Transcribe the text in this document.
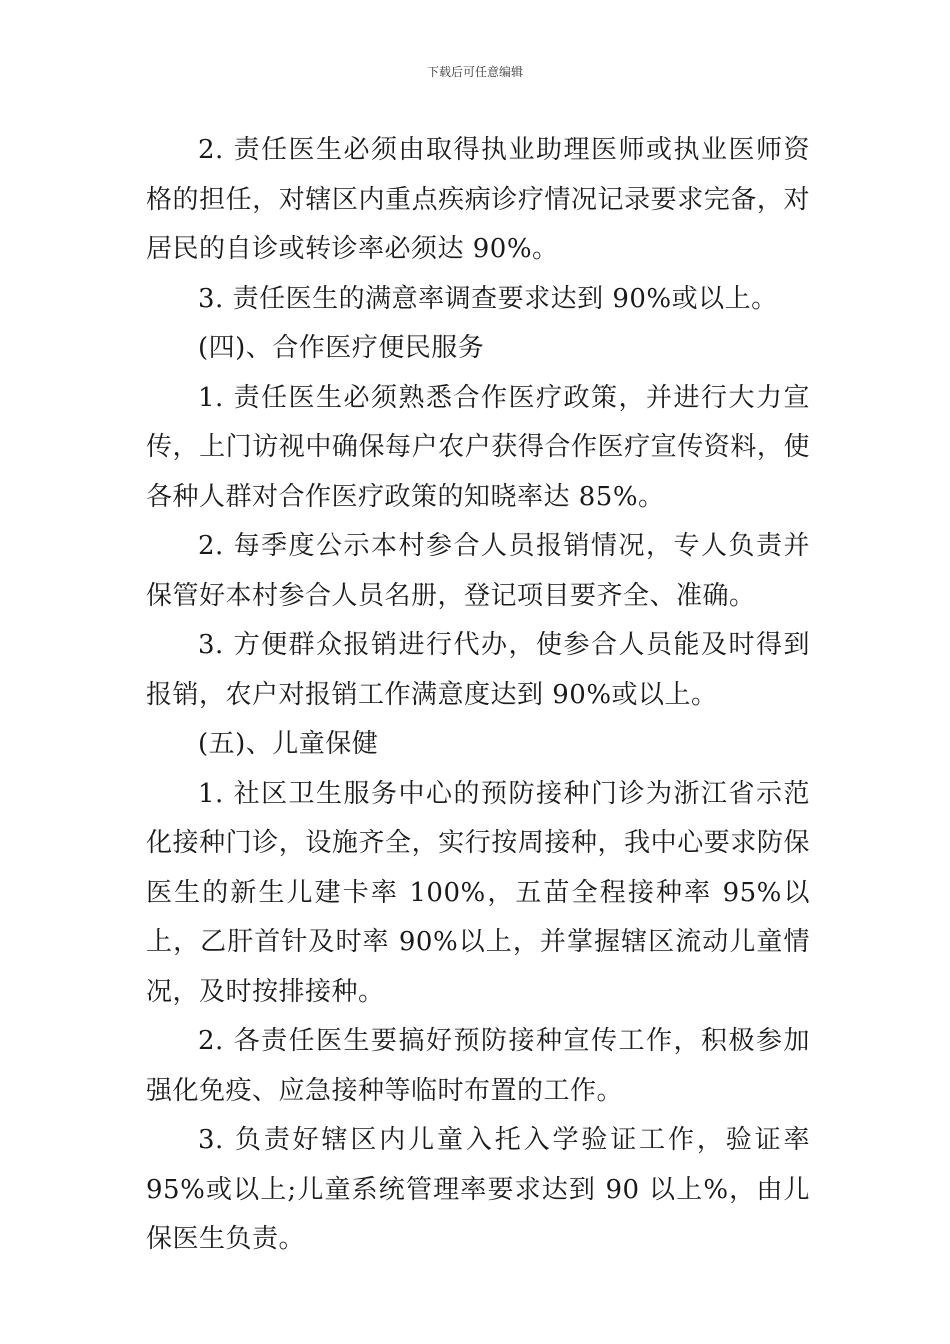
下载后可任意编辑

2. 责任医生必须由取得执业助理医师或执业医师资格的担任，对辖区内重点疾病诊疗情况记录要求完备，对居民的自诊或转诊率必须达 90%。

3. 责任医生的满意率调查要求达到 90%或以上。

(四)、合作医疗便民服务

1. 责任医生必须熟悉合作医疗政策，并进行大力宣传，上门访视中确保每户农户获得合作医疗宣传资料，使各种人群对合作医疗政策的知晓率达 85%。

2. 每季度公示本村参合人员报销情况，专人负责并保管好本村参合人员名册，登记项目要齐全、准确。

3. 方便群众报销进行代办，使参合人员能及时得到报销，农户对报销工作满意度达到 90%或以上。

(五)、儿童保健

1. 社区卫生服务中心的预防接种门诊为浙江省示范化接种门诊，设施齐全，实行按周接种，我中心要求防保医生的新生儿建卡率 100%，五苗全程接种率 95%以上，乙肝首针及时率 90%以上，并掌握辖区流动儿童情况，及时按排接种。

2. 各责任医生要搞好预防接种宣传工作，积极参加强化免疫、应急接种等临时布置的工作。

3. 负责好辖区内儿童入托入学验证工作，验证率 95%或以上;儿童系统管理率要求达到 90 以上%，由儿保医生负责。
